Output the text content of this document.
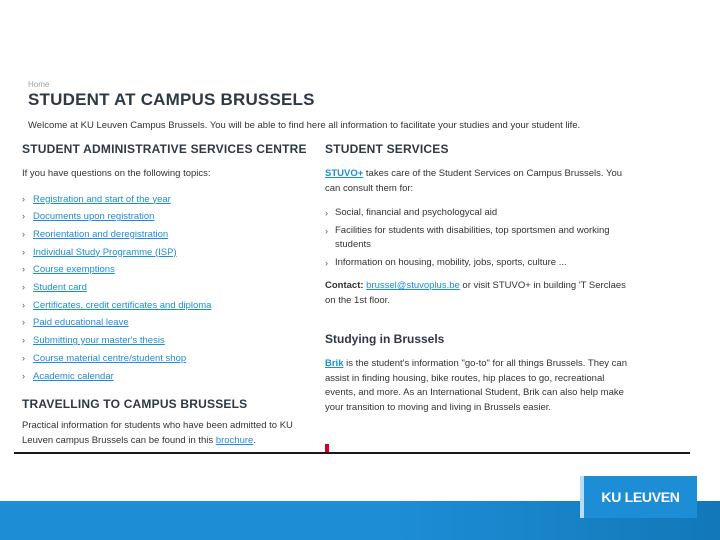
Home
STUDENT AT CAMPUS BRUSSELS
Welcome at KU Leuven Campus Brussels. You will be able to find here all information to facilitate your studies and your student life.
STUDENT ADMINISTRATIVE SERVICES CENTRE

If you have questions on the following topics:

› Registration and start of the year
› Documents upon registration
› Reorientation and deregistration
› Individual Study Programme (ISP)
› Course exemptions
› Student card
› Certificates, credit certificates and diploma
› Paid educational leave
› Submitting your master's thesis
› Course material centre/student shop
› Academic calendar
TRAVELLING TO CAMPUS BRUSSELS

Practical information for students who have been admitted to KU Leuven campus Brussels can be found in this brochure.

STUDENT SERVICES

STUVO+ takes care of the Student Services on Campus Brussels. You can consult them for:

› Social, financial and psychologycal aid
› Facilities for students with disabilities, top sportsmen and working students
› Information on housing, mobility, jobs, sports, culture ...

Contact: brussel@stuvoplus.be or visit STUVO+ in building 'T Serclaes on the 1st floor.

Studying in Brussels

Brik is the student's information "go-to" for all things Brussels. They can assist in finding housing, bike routes, hip places to go, recreational events, and more. As an International Student, Brik can also help make your transition to moving and living in Brussels easier.

KU LEUVEN
